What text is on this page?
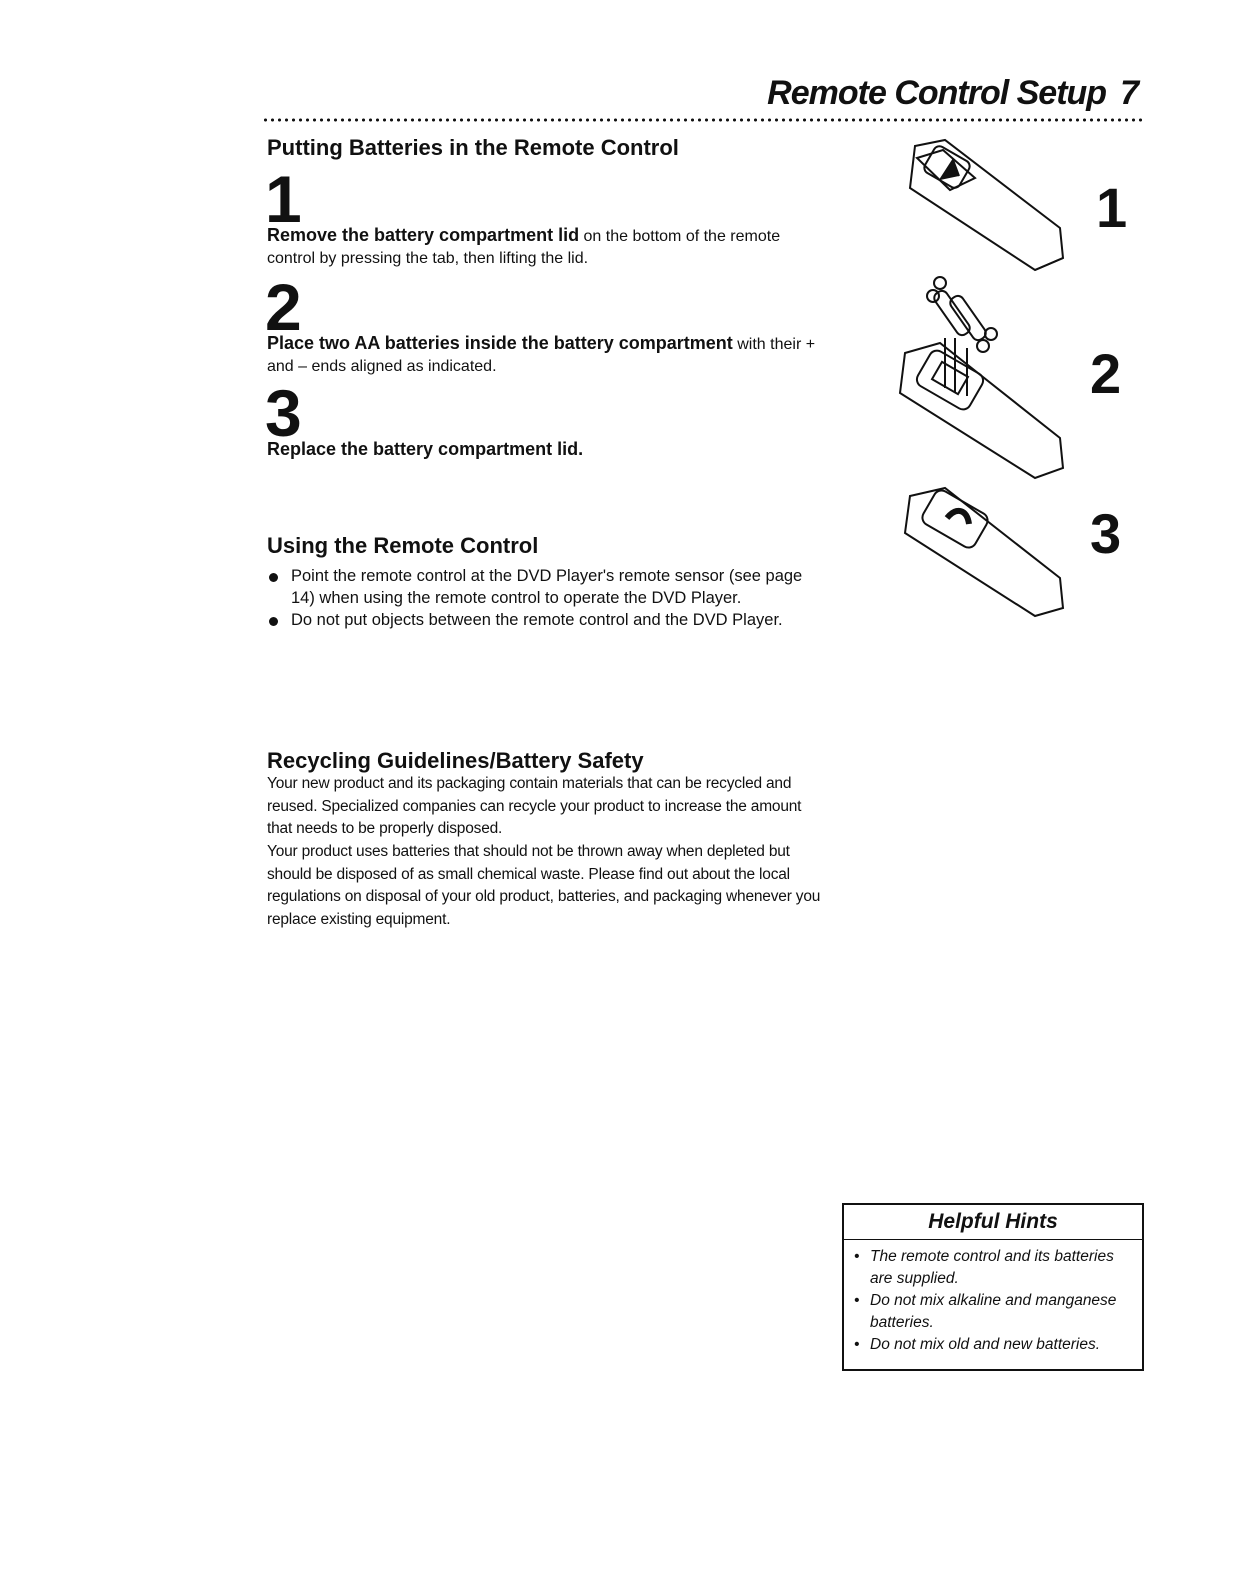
Remote Control Setup 7
Putting Batteries in the Remote Control
1

Remove the battery compartment lid on the bottom of the remote control by pressing the tab, then lifting the lid.

2

Place two AA batteries inside the battery compartment with their + and – ends aligned as indicated.

3

Replace the battery compartment lid.

Using the Remote Control
Point the remote control at the DVD Player's remote sensor (see page 14) when using the remote control to operate the DVD Player.
Do not put objects between the remote control and the DVD Player.
Recycling Guidelines/Battery Safety

Your new product and its packaging contain materials that can be recycled and reused. Specialized companies can recycle your product to increase the amount that needs to be properly disposed.

Your product uses batteries that should not be thrown away when depleted but should be disposed of as small chemical waste. Please find out about the local regulations on disposal of your old product, batteries, and packaging whenever you replace existing equipment.

1
2
3
Helpful Hints
• The remote control and its batteries are supplied.
• Do not mix alkaline and manganese batteries.
• Do not mix old and new batteries.
